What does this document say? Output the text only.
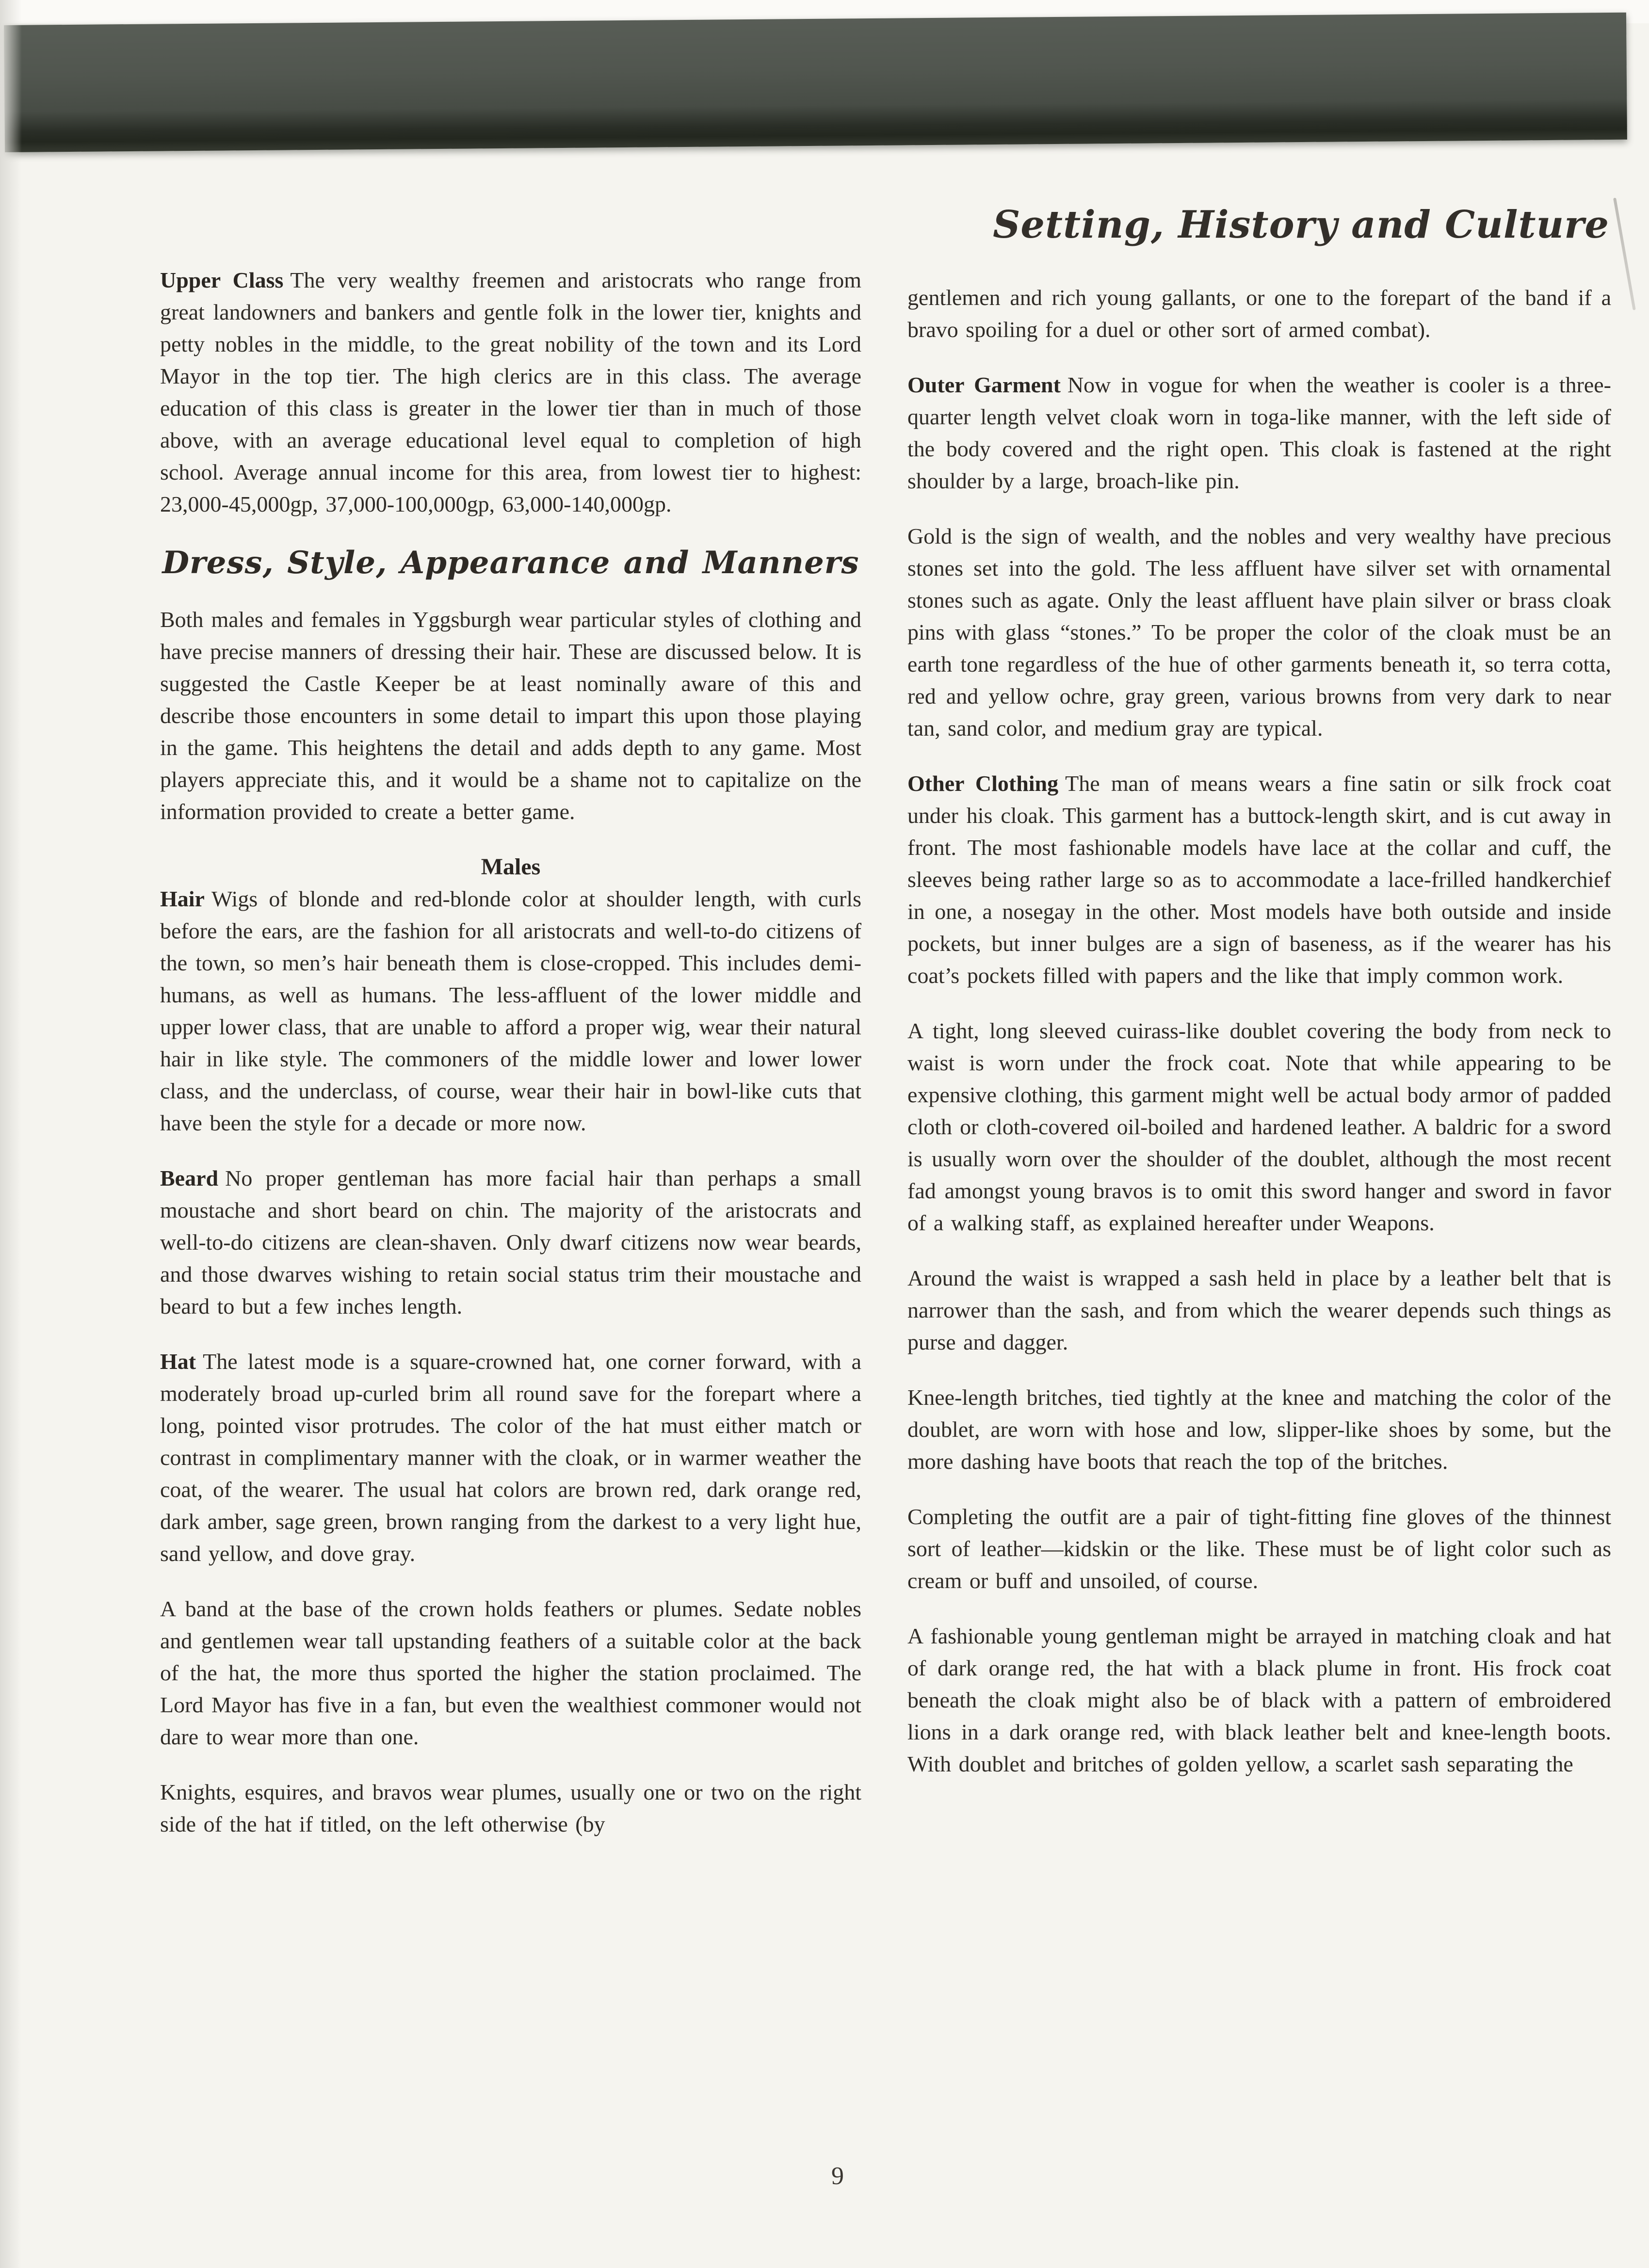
Setting, History and Culture

Upper Class The very wealthy freemen and aristocrats who range from great landowners and bankers and gentle folk in the lower tier, knights and petty nobles in the middle, to the great nobility of the town and its Lord Mayor in the top tier. The high clerics are in this class. The average education of this class is greater in the lower tier than in much of those above, with an average educational level equal to completion of high school. Average annual income for this area, from lowest tier to highest: 23,000-45,000gp, 37,000-100,000gp, 63,000-140,000gp.

Dress, Style, Appearance and Manners

Both males and females in Yggsburgh wear particular styles of clothing and have precise manners of dressing their hair. These are discussed below. It is suggested the Castle Keeper be at least nominally aware of this and describe those encounters in some detail to impart this upon those playing in the game. This heightens the detail and adds depth to any game. Most players appreciate this, and it would be a shame not to capitalize on the information provided to create a better game.

Males

Hair Wigs of blonde and red-blonde color at shoulder length, with curls before the ears, are the fashion for all aristocrats and well-to-do citizens of the town, so men’s hair beneath them is close-cropped. This includes demi-humans, as well as humans. The less-affluent of the lower middle and upper lower class, that are unable to afford a proper wig, wear their natural hair in like style. The commoners of the middle lower and lower lower class, and the underclass, of course, wear their hair in bowl-like cuts that have been the style for a decade or more now.

Beard No proper gentleman has more facial hair than perhaps a small moustache and short beard on chin. The majority of the aristocrats and well-to-do citizens are clean-shaven. Only dwarf citizens now wear beards, and those dwarves wishing to retain social status trim their moustache and beard to but a few inches length.

Hat The latest mode is a square-crowned hat, one corner forward, with a moderately broad up-curled brim all round save for the forepart where a long, pointed visor protrudes. The color of the hat must either match or contrast in complimentary manner with the cloak, or in warmer weather the coat, of the wearer. The usual hat colors are brown red, dark orange red, dark amber, sage green, brown ranging from the darkest to a very light hue, sand yellow, and dove gray.

A band at the base of the crown holds feathers or plumes. Sedate nobles and gentlemen wear tall upstanding feathers of a suitable color at the back of the hat, the more thus sported the higher the station proclaimed. The Lord Mayor has five in a fan, but even the wealthiest commoner would not dare to wear more than one.

Knights, esquires, and bravos wear plumes, usually one or two on the right side of the hat if titled, on the left otherwise (by

gentlemen and rich young gallants, or one to the forepart of the band if a bravo spoiling for a duel or other sort of armed combat).

Outer Garment Now in vogue for when the weather is cooler is a three-quarter length velvet cloak worn in toga-like manner, with the left side of the body covered and the right open. This cloak is fastened at the right shoulder by a large, broach-like pin.

Gold is the sign of wealth, and the nobles and very wealthy have precious stones set into the gold. The less affluent have silver set with ornamental stones such as agate. Only the least affluent have plain silver or brass cloak pins with glass “stones.” To be proper the color of the cloak must be an earth tone regardless of the hue of other garments beneath it, so terra cotta, red and yellow ochre, gray green, various browns from very dark to near tan, sand color, and medium gray are typical.

Other Clothing The man of means wears a fine satin or silk frock coat under his cloak. This garment has a buttock-length skirt, and is cut away in front. The most fashionable models have lace at the collar and cuff, the sleeves being rather large so as to accommodate a lace-frilled handkerchief in one, a nosegay in the other. Most models have both outside and inside pockets, but inner bulges are a sign of baseness, as if the wearer has his coat’s pockets filled with papers and the like that imply common work.

A tight, long sleeved cuirass-like doublet covering the body from neck to waist is worn under the frock coat. Note that while appearing to be expensive clothing, this garment might well be actual body armor of padded cloth or cloth-covered oil-boiled and hardened leather. A baldric for a sword is usually worn over the shoulder of the doublet, although the most recent fad amongst young bravos is to omit this sword hanger and sword in favor of a walking staff, as explained hereafter under Weapons.

Around the waist is wrapped a sash held in place by a leather belt that is narrower than the sash, and from which the wearer depends such things as purse and dagger.

Knee-length britches, tied tightly at the knee and matching the color of the doublet, are worn with hose and low, slipper-like shoes by some, but the more dashing have boots that reach the top of the britches.

Completing the outfit are a pair of tight-fitting fine gloves of the thinnest sort of leather—kidskin or the like. These must be of light color such as cream or buff and unsoiled, of course.

A fashionable young gentleman might be arrayed in matching cloak and hat of dark orange red, the hat with a black plume in front. His frock coat beneath the cloak might also be of black with a pattern of embroidered lions in a dark orange red, with black leather belt and knee-length boots. With doublet and britches of golden yellow, a scarlet sash separating the

9
